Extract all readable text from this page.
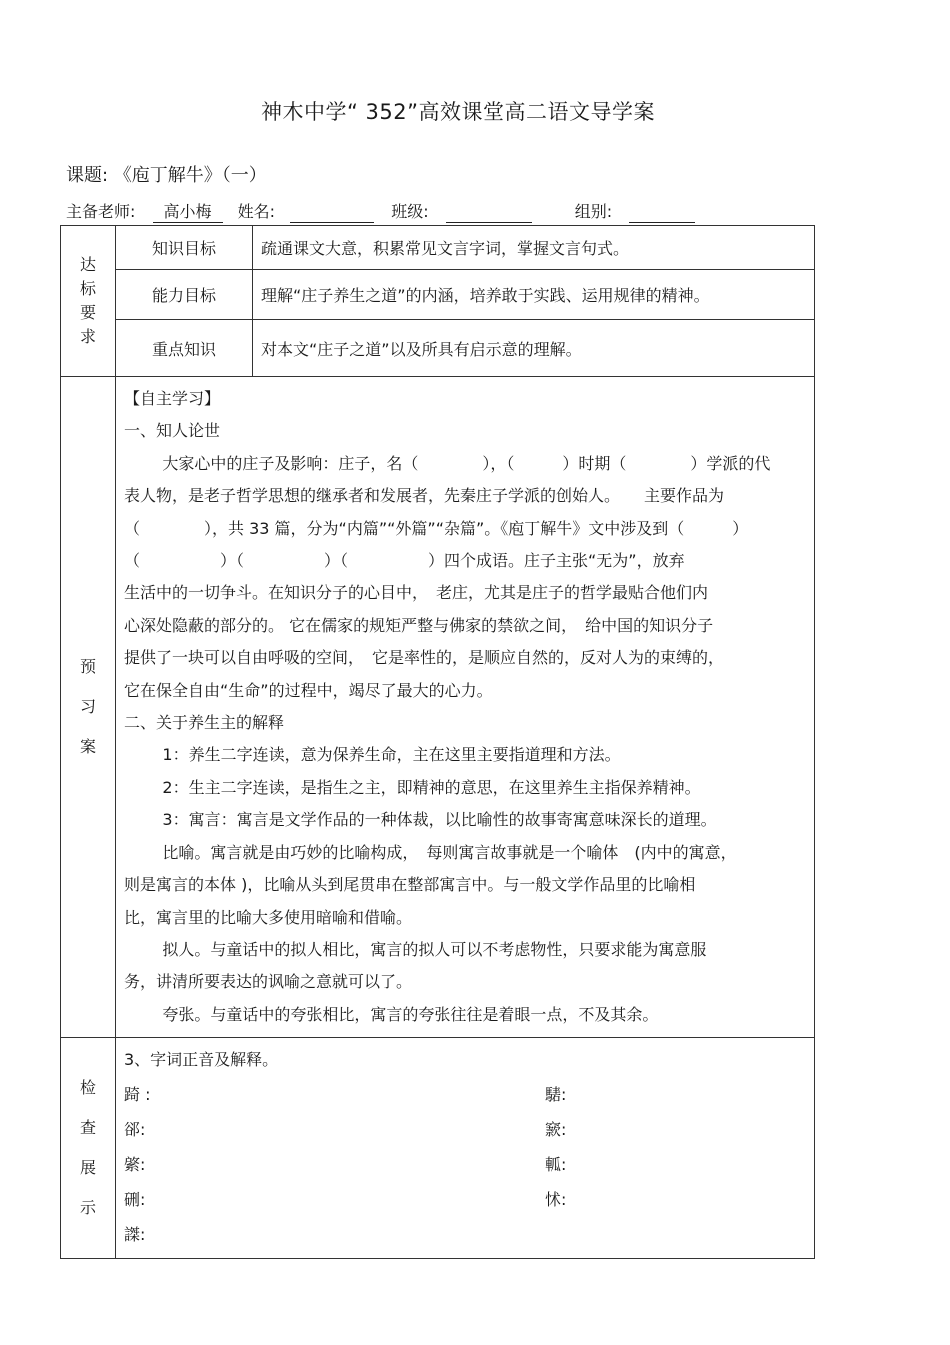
神木中学“ 352”高效课堂高二语文导学案
课题: 《庖丁解牛》（一）
主备老师: 高小梅 姓名:	班级:	组别:
达
标
要
求
	知识目标	疏通课文大意，积累常见文言字词，掌握文言句式。
能力目标	理解“庄子养生之道”的内涵，培养敢于实践、运用规律的精神。
重点知识	对本文“庄子之道”以及所具有启示意的理解。

预
习
案

【自主学习】

一、知人论世

大家心中的庄子及影响：庄子，名（　　　　），（　　　）时期（　　　　）学派的代

表人物，是老子哲学思想的继承者和发展者，先秦庄子学派的创始人。　　主要作品为

（　　　　），共 33 篇，分为“内篇”“外篇”“杂篇”。《庖丁解牛》文中涉及到（　　　）

（　　　　　）（　　　　　）（　　　　　）四个成语。庄子主张“无为”，放弃

生活中的一切争斗。在知识分子的心目中，　老庄，尤其是庄子的哲学最贴合他们内

心深处隐蔽的部分的。 它在儒家的规矩严整与佛家的禁欲之间，　给中国的知识分子

提供了一块可以自由呼吸的空间，　它是率性的，是顺应自然的，反对人为的束缚的，

它在保全自由“生命”的过程中，竭尽了最大的心力。

二、关于养生主的解释

1：养生二字连读，意为保养生命，主在这里主要指道理和方法。

2：生主二字连读，是指生之主，即精神的意思，在这里养生主指保养精神。

3：寓言：寓言是文学作品的一种体裁，以比喻性的故事寄寓意味深长的道理。

比喻。寓言就是由巧妙的比喻构成，　每则寓言故事就是一个喻体　(内中的寓意，

则是寓言的本体 )，比喻从头到尾贯串在整部寓言中。与一般文学作品里的比喻相

比，寓言里的比喻大多使用暗喻和借喻。

拟人。与童话中的拟人相比，寓言的拟人可以不考虑物性，只要求能为寓意服

务，讲清所要表达的讽喻之意就可以了。

夸张。与童话中的夸张相比，寓言的夸张往往是着眼一点，不及其余。

检
查
展
示

3、字词正音及解释。

踦 :	騞:
郤:	窾:
綮:	軱:
硎:	怵:
謋:	
